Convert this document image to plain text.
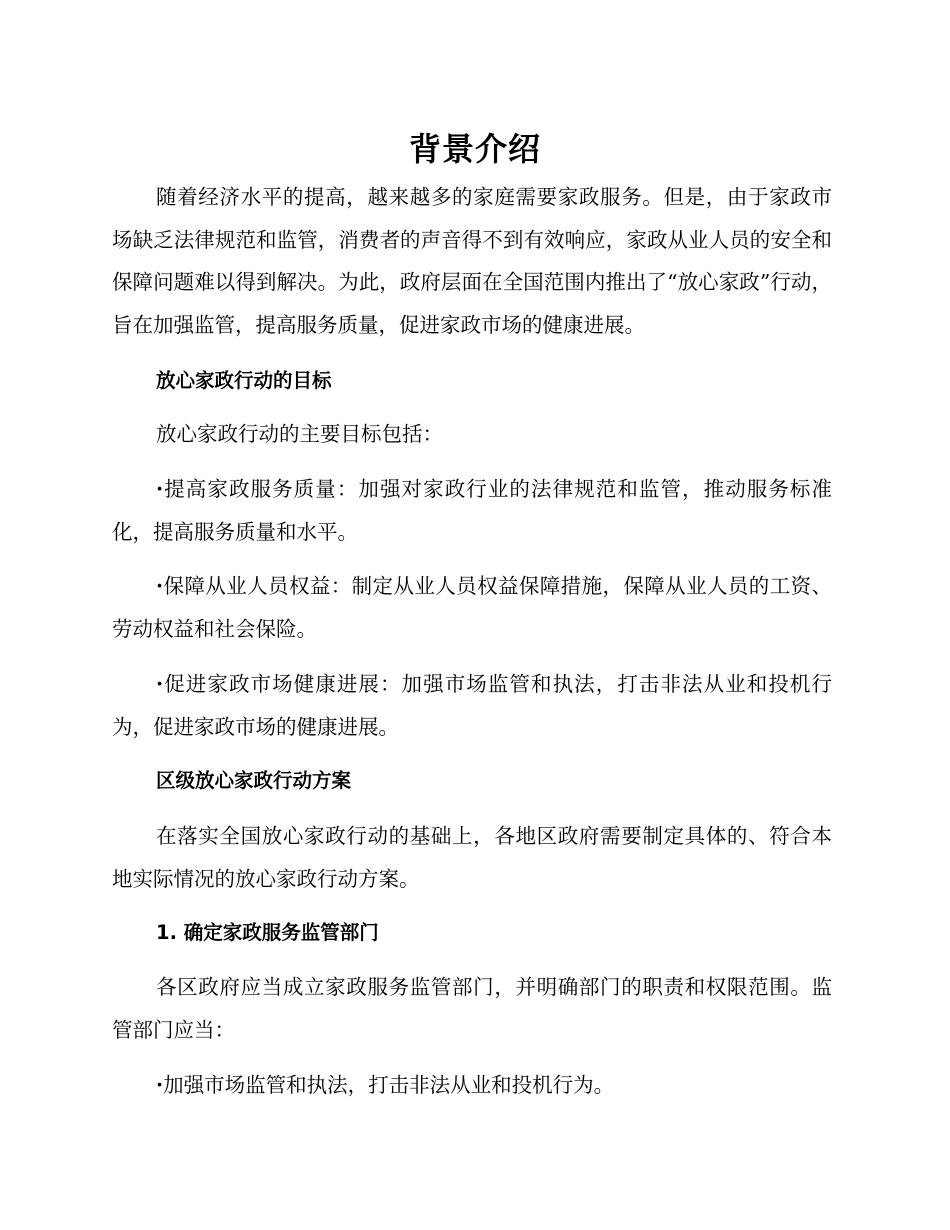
背景介绍

随着经济水平的提高，越来越多的家庭需要家政服务。但是，由于家政市场缺乏法律规范和监管，消费者的声音得不到有效响应，家政从业人员的安全和保障问题难以得到解决。为此，政府层面在全国范围内推出了“放心家政”行动，旨在加强监管，提高服务质量，促进家政市场的健康进展。

放心家政行动的目标

放心家政行动的主要目标包括：

·提高家政服务质量：加强对家政行业的法律规范和监管，推动服务标准化，提高服务质量和水平。

·保障从业人员权益：制定从业人员权益保障措施，保障从业人员的工资、劳动权益和社会保险。

·促进家政市场健康进展：加强市场监管和执法，打击非法从业和投机行为，促进家政市场的健康进展。

区级放心家政行动方案

在落实全国放心家政行动的基础上，各地区政府需要制定具体的、符合本地实际情况的放心家政行动方案。

1. 确定家政服务监管部门

各区政府应当成立家政服务监管部门，并明确部门的职责和权限范围。监管部门应当：

·加强市场监管和执法，打击非法从业和投机行为。
